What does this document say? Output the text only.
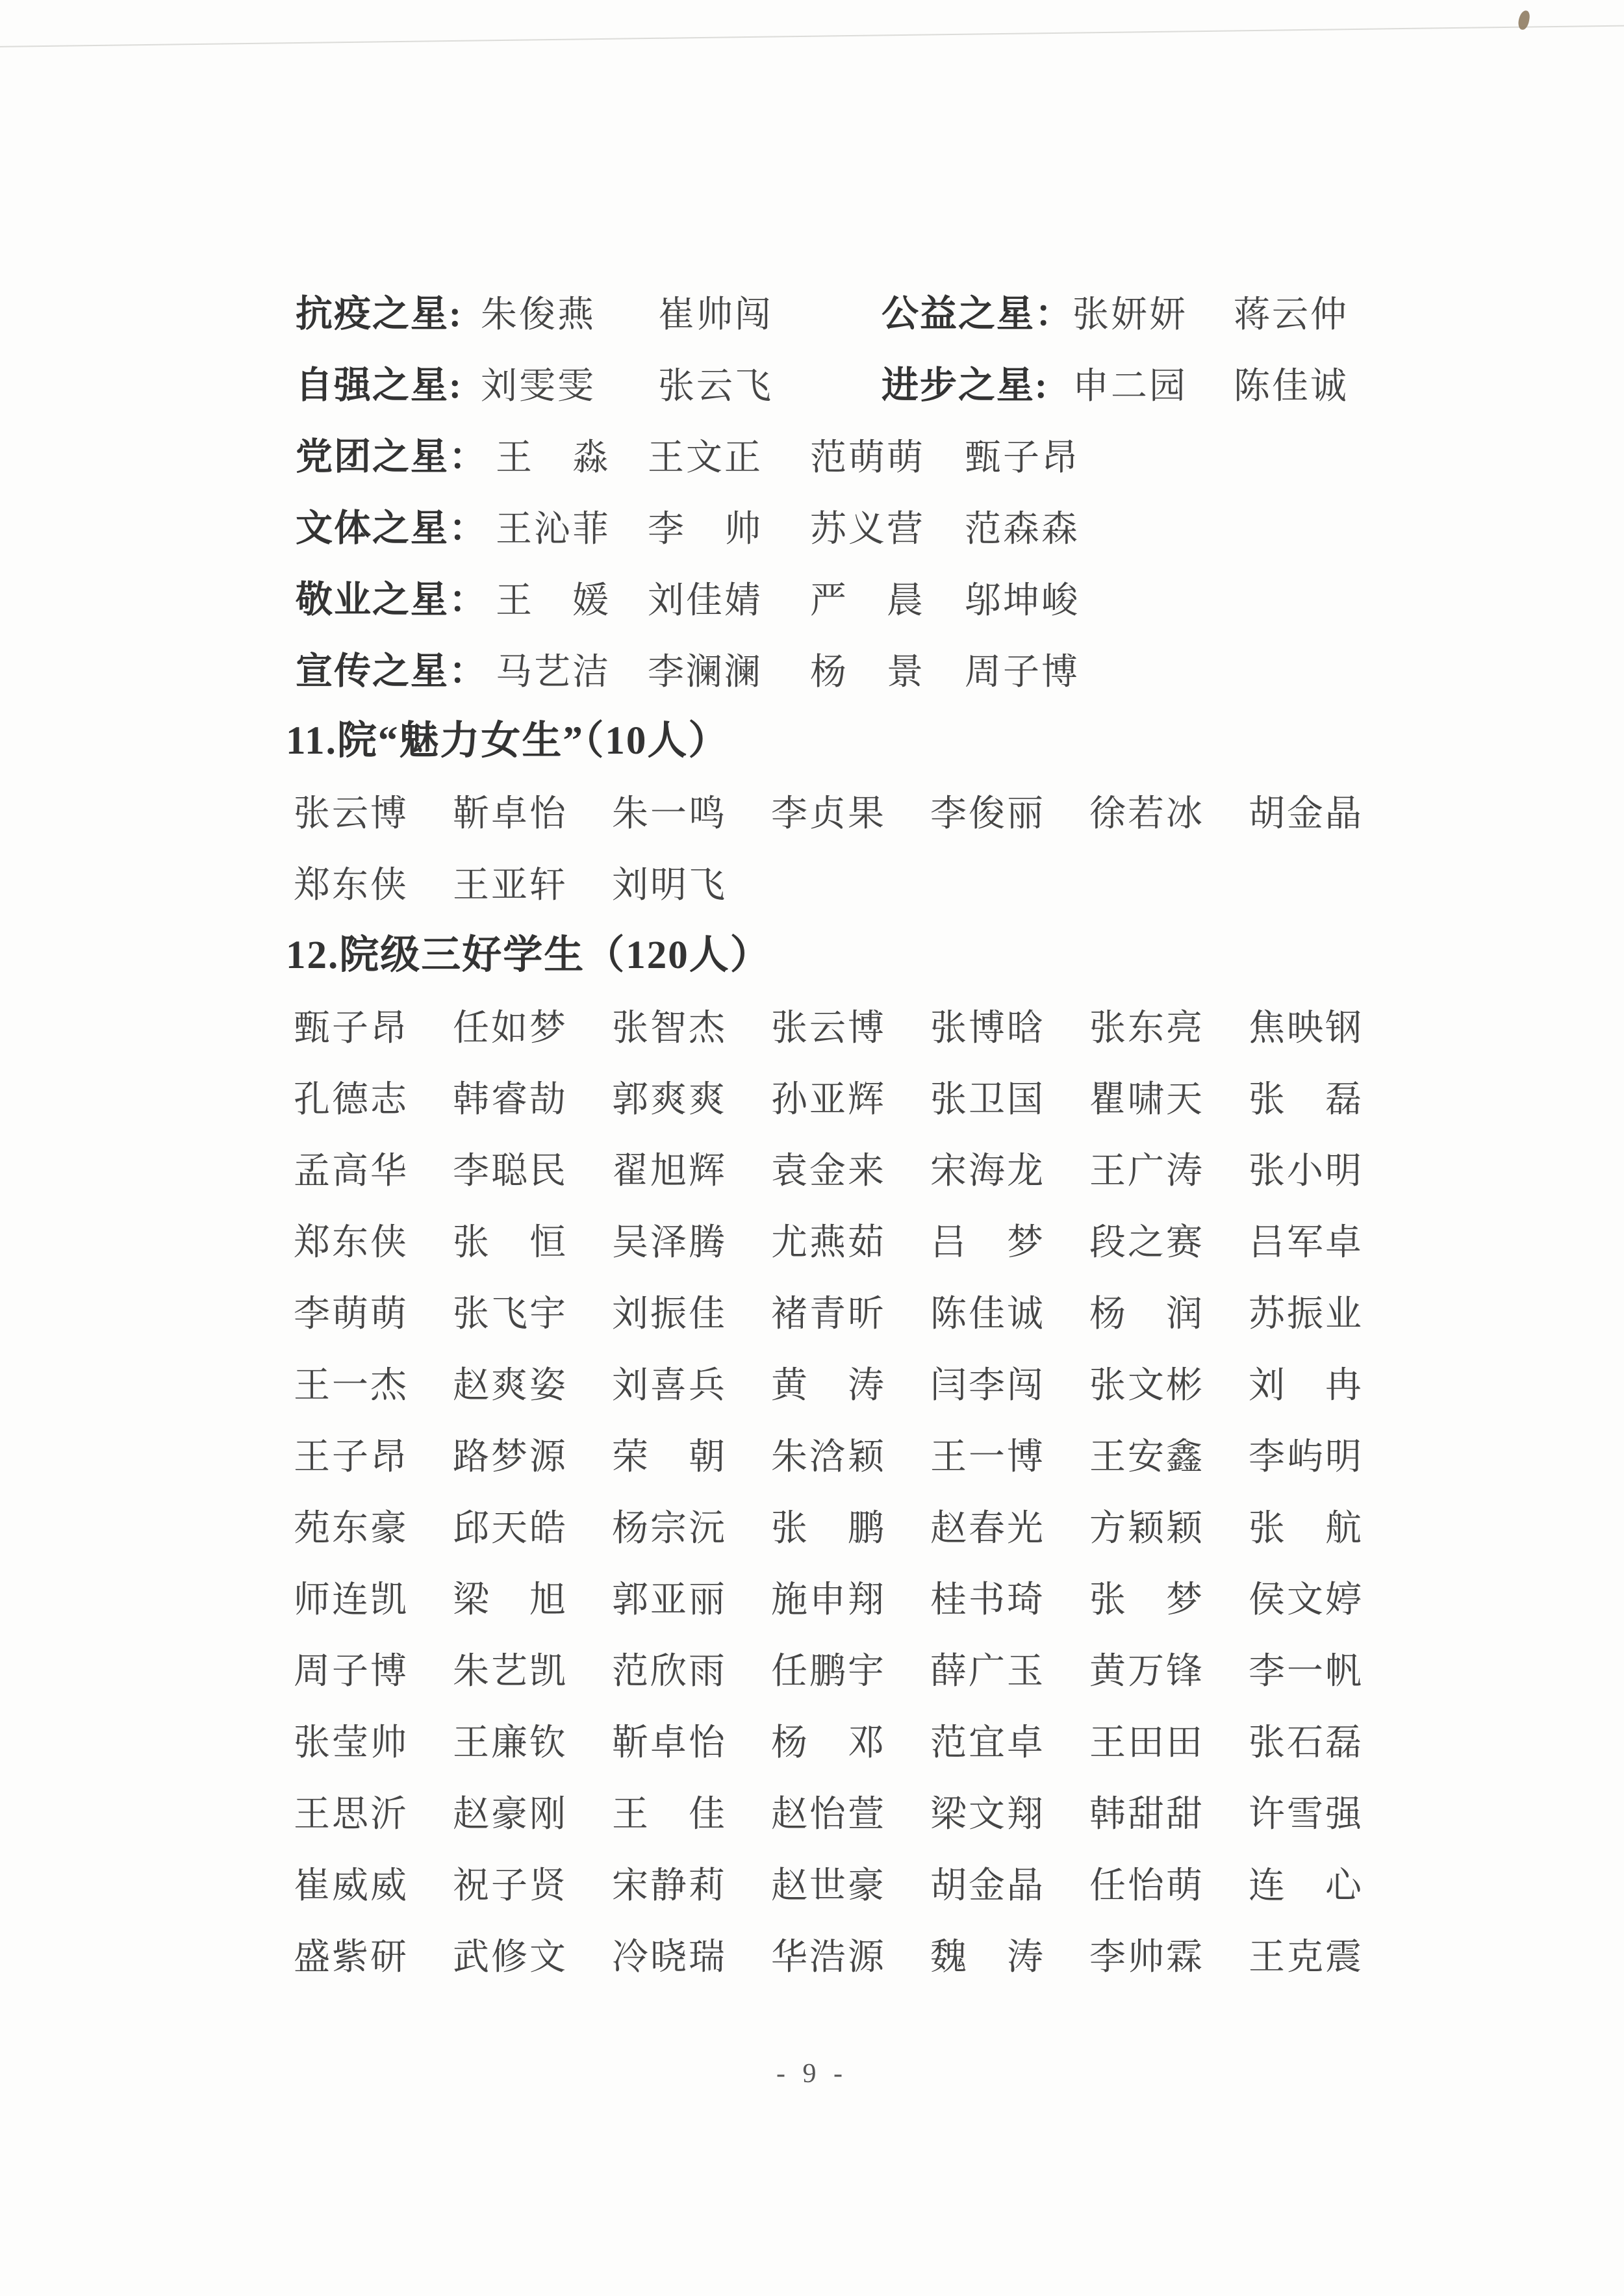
抗疫之星: 朱俊燕 崔帅闯	公益之星： 张妍妍 蒋云仲
自强之星: 刘雯雯 张云飞	进步之星: 申二园 陈佳诚
党团之星： 王　淼 王文正 范萌萌 甄子昂
文体之星： 王沁菲 李　帅 苏义营 范森森
敬业之星： 王　媛 刘佳婧 严　晨 邬坤峻
宣传之星： 马艺洁 李澜澜 杨　景 周子博
11.院“魅力女生”（10人）
张云博 靳卓怡 朱一鸣 李贞果 李俊丽 徐若冰 胡金晶
郑东侠 王亚轩 刘明飞
12.院级三好学生（120人）
甄子昂 任如梦 张智杰 张云博 张博晗 张东亮 焦映钢
孔德志 韩睿劼 郭爽爽 孙亚辉 张卫国 瞿啸天 张　磊
孟高华 李聪民 翟旭辉 袁金来 宋海龙 王广涛 张小明
郑东侠 张　恒 吴泽腾 尤燕茹 吕　梦 段之赛 吕军卓
李萌萌 张飞宇 刘振佳 褚青昕 陈佳诚 杨　润 苏振业
王一杰 赵爽姿 刘喜兵 黄　涛 闫李闯 张文彬 刘　冉
王子昂 路梦源 荣　朝 朱浛颖 王一博 王安鑫 李屿明
苑东豪 邱天皓 杨宗沅 张　鹏 赵春光 方颖颖 张　航
师连凯 梁　旭 郭亚丽 施申翔 桂书琦 张　梦 侯文婷
周子博 朱艺凯 范欣雨 任鹏宇 薛广玉 黄万锋 李一帆
张莹帅 王廉钦 靳卓怡 杨　邓 范宜卓 王田田 张石磊
王思沂 赵豪刚 王　佳 赵怡萱 梁文翔 韩甜甜 许雪强
崔威威 祝子贤 宋静莉 赵世豪 胡金晶 任怡萌 连　心
盛紫研 武修文 冷晓瑞 华浩源 魏　涛 李帅霖 王克震
- 9 -
